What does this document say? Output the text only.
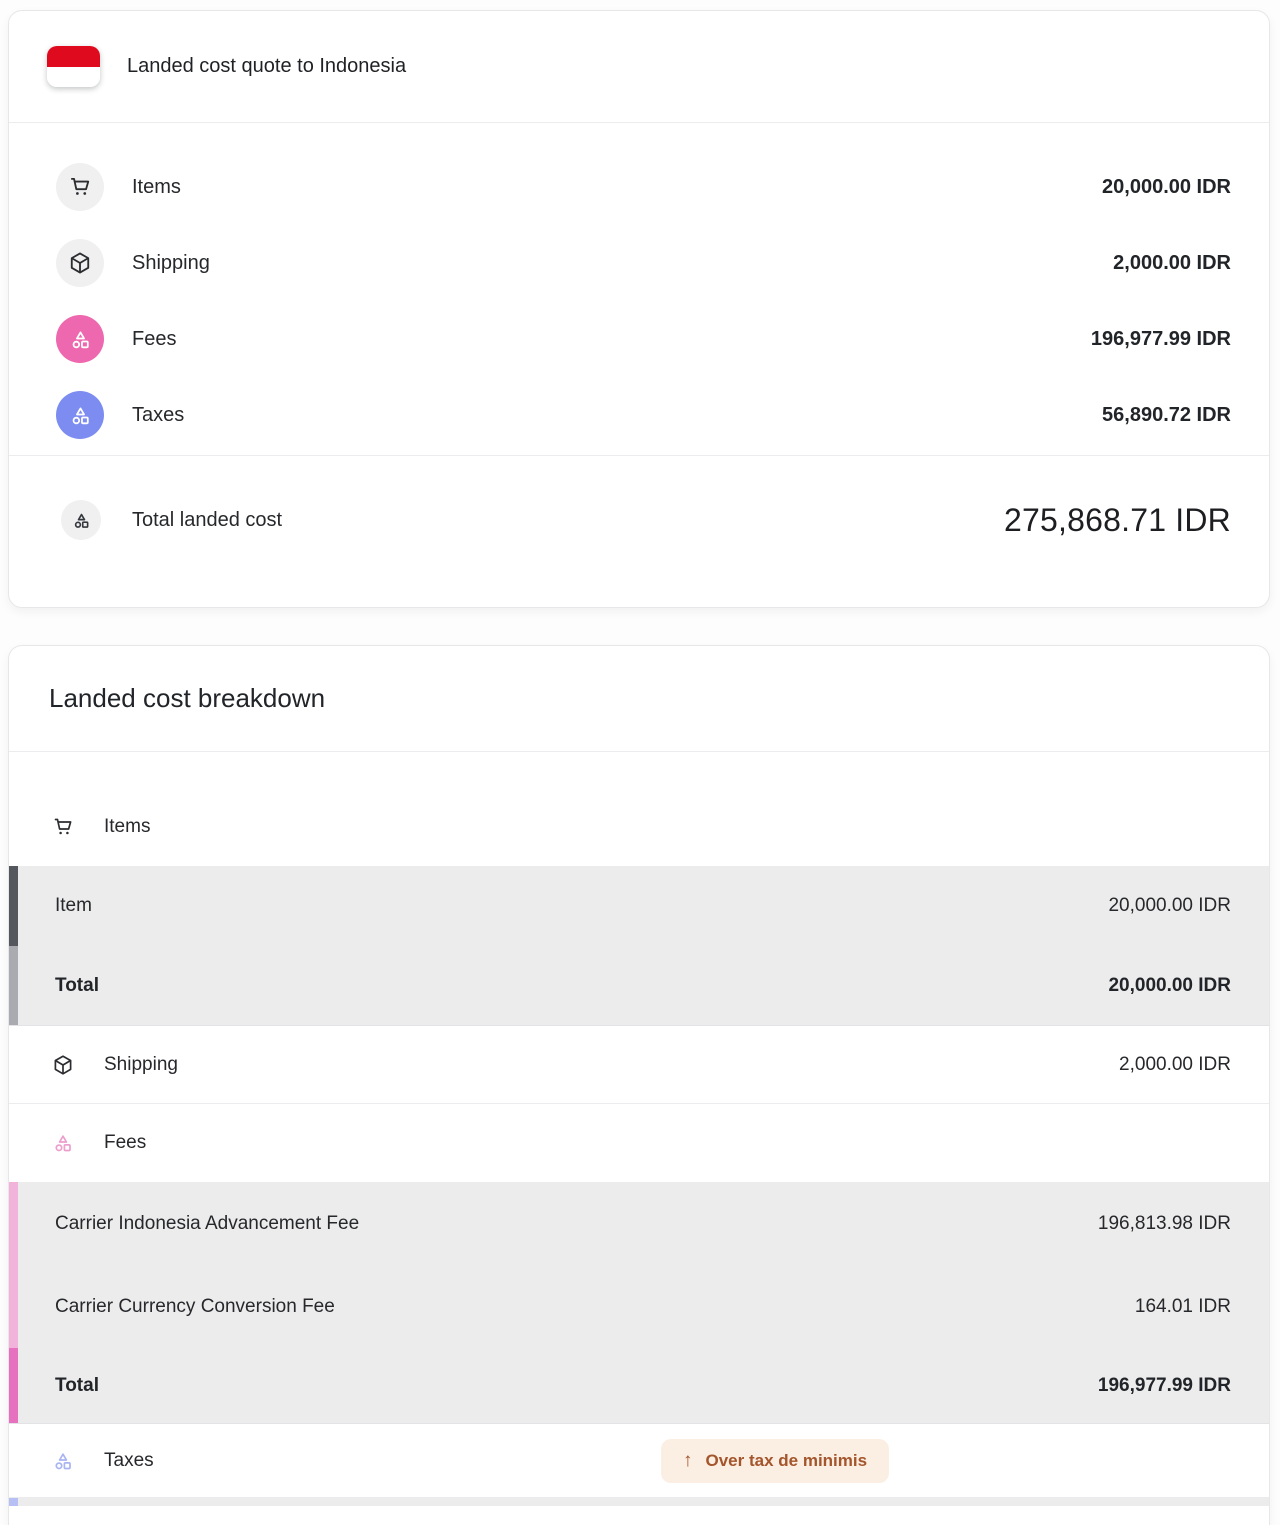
Landed cost quote to Indonesia
Items	20,000.00 IDR
Shipping	2,000.00 IDR
Fees	196,977.99 IDR
Taxes	56,890.72 IDR
Total landed cost	275,868.71 IDR
Landed cost breakdown
Items
Item	20,000.00 IDR
Total	20,000.00 IDR
Shipping	2,000.00 IDR
Fees
Carrier Indonesia Advancement Fee	196,813.98 IDR
Carrier Currency Conversion Fee	164.01 IDR
Total	196,977.99 IDR
Taxes	↑ Over tax de minimis
